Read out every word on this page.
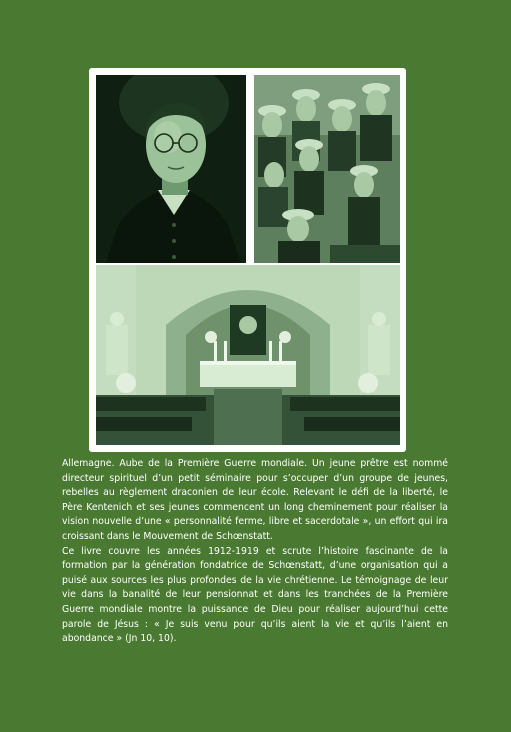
Allemagne. Aube de la Première Guerre mondiale. Un jeune prêtre est nommé directeur spirituel d’un petit séminaire pour s’occuper d’un groupe de jeunes, rebelles au règlement draconien de leur école. Relevant le défi de la liberté, le Père Kentenich et ses jeunes commencent un long cheminement pour réaliser la vision nouvelle d’une « personnalité ferme, libre et sacerdotale », un effort qui ira croissant dans le Mouvement de Schœnstatt.

Ce livre couvre les années 1912-1919 et scrute l’histoire fascinante de la formation par la génération fondatrice de Schœnstatt, d’une organisation qui a puisé aux sources les plus profondes de la vie chrétienne. Le témoignage de leur vie dans la banalité de leur pensionnat et dans les tranchées de la Première Guerre mondiale montre la puissance de Dieu pour réaliser aujourd’hui cette parole de Jésus : « Je suis venu pour qu’ils aient la vie et qu’ils l’aient en abondance » (Jn 10, 10).
